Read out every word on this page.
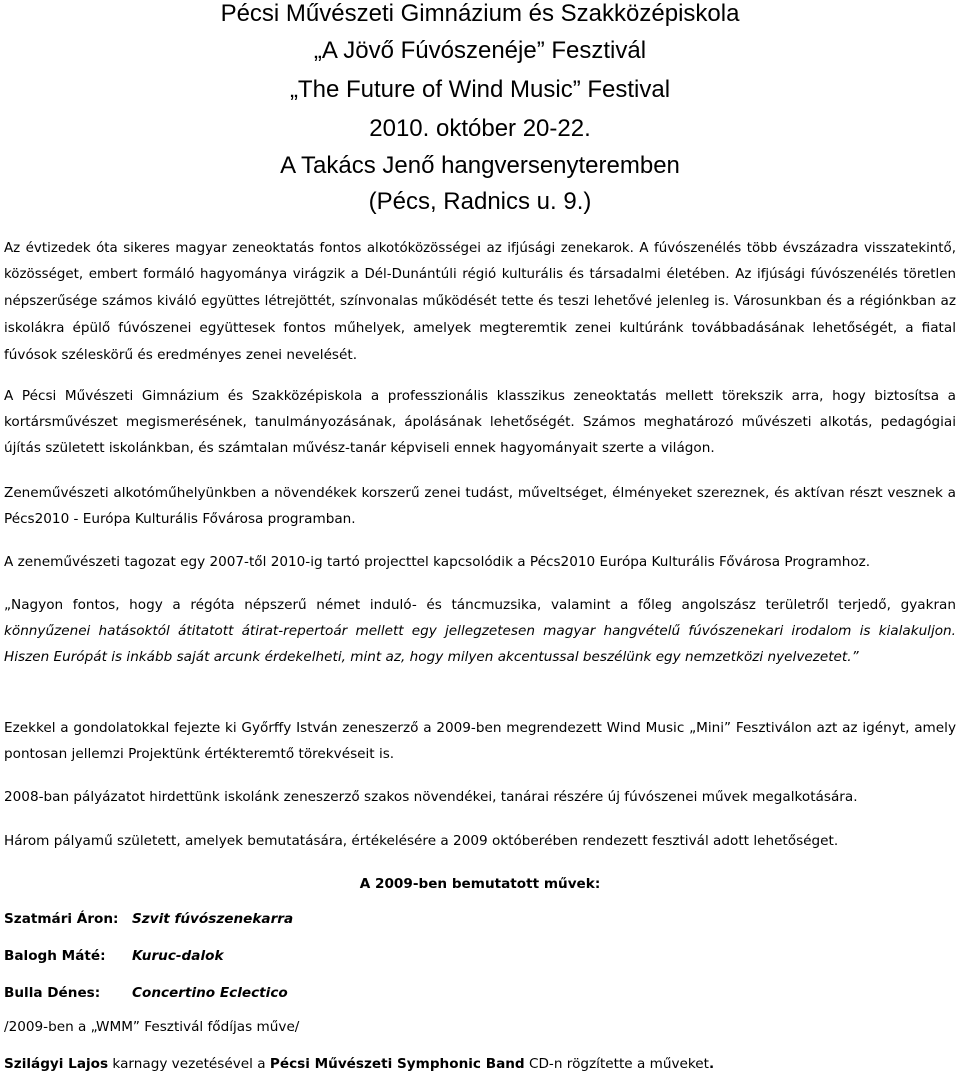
Pécsi Művészeti Gimnázium és Szakközépiskola
„A Jövő Fúvószenéje” Fesztivál
„The Future of Wind Music” Festival
2010. október 20-22.
A Takács Jenő hangversenyteremben
(Pécs, Radnics u. 9.)
Az évtizedek óta sikeres magyar zeneoktatás fontos alkotóközösségei az ifjúsági zenekarok. A fúvószenélés több évszázadra visszatekintő, közösséget, embert formáló hagyománya virágzik a Dél-Dunántúli régió kulturális és társadalmi életében. Az ifjúsági fúvószenélés töretlen népszerűsége számos kiváló együttes létrejöttét, színvonalas működését tette és teszi lehetővé jelenleg is. Városunkban és a régiónkban az iskolákra épülő fúvószenei együttesek fontos műhelyek, amelyek megteremtik zenei kultúránk továbbadásának lehetőségét, a fiatal fúvósok széleskörű és eredményes zenei nevelését.
A Pécsi Művészeti Gimnázium és Szakközépiskola a professzionális klasszikus zeneoktatás mellett törekszik arra, hogy biztosítsa a kortársművészet megismerésének, tanulmányozásának, ápolásának lehetőségét. Számos meghatározó művészeti alkotás, pedagógiai újítás született iskolánkban, és számtalan művész-tanár képviseli ennek hagyományait szerte a világon.
Zeneművészeti alkotóműhelyünkben a növendékek korszerű zenei tudást, műveltséget, élményeket szereznek, és aktívan részt vesznek a Pécs2010 - Európa Kulturális Fővárosa programban.
A zeneművészeti tagozat egy 2007-től 2010-ig tartó projecttel kapcsolódik a Pécs2010 Európa Kulturális Fővárosa Programhoz.
„Nagyon fontos, hogy a régóta népszerű német induló- és táncmuzsika, valamint a főleg angolszász területről terjedő, gyakran könnyűzenei hatásoktól átitatott átirat-repertoár mellett egy jellegzetesen magyar hangvételű fúvószenekari irodalom is kialakuljon. Hiszen Európát is inkább saját arcunk érdekelheti, mint az, hogy milyen akcentussal beszélünk egy nemzetközi nyelvezetet.”
Ezekkel a gondolatokkal fejezte ki Győrffy István zeneszerző a 2009-ben megrendezett Wind Music „Mini” Fesztiválon azt az igényt, amely pontosan jellemzi Projektünk értékteremtő törekvéseit is.
2008-ban pályázatot hirdettünk iskolánk zeneszerző szakos növendékei, tanárai részére új fúvószenei művek megalkotására.
Három pályamű született, amelyek bemutatására, értékelésére a 2009 októberében rendezett fesztivál adott lehetőséget.
A 2009-ben bemutatott művek:
Szatmári Áron: Szvit fúvószenekarra
Balogh Máté: Kuruc-dalok
Bulla Dénes: Concertino Eclectico
/2009-ben a „WMM” Fesztivál fődíjas műve/
Szilágyi Lajos karnagy vezetésével a Pécsi Művészeti Symphonic Band CD-n rögzítette a műveket.
